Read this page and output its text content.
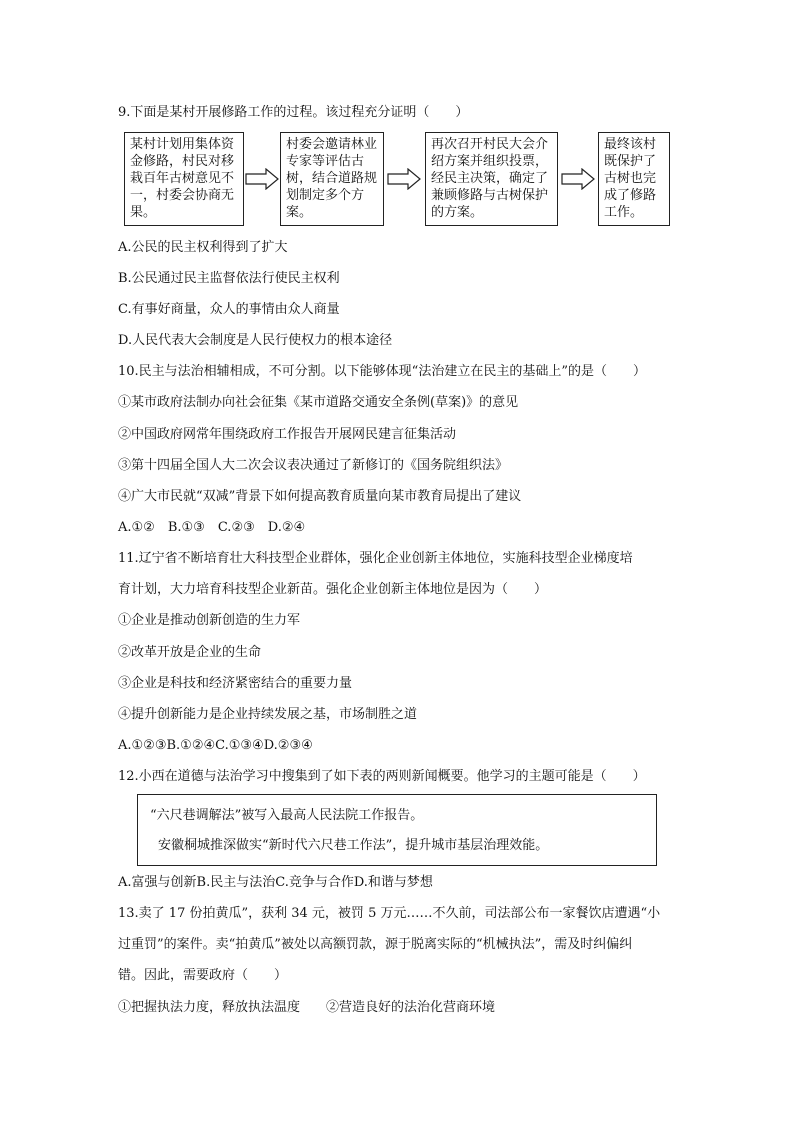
9.下面是某村开展修路工作的过程。该过程充分证明（　　）
某村计划用集体资金修路，村民对移栽百年古树意见不一，村委会协商无果。
村委会邀请林业专家等评估古树，结合道路规划制定多个方案。
再次召开村民大会介绍方案并组织投票，经民主决策，确定了兼顾修路与古树保护的方案。
最终该村既保护了古树也完成了修路工作。
A.公民的民主权利得到了扩大
B.公民通过民主监督依法行使民主权利
C.有事好商量，众人的事情由众人商量
D.人民代表大会制度是人民行使权力的根本途径
10.民主与法治相辅相成，不可分割。以下能够体现“法治建立在民主的基础上”的是（　　）
①某市政府法制办向社会征集《某市道路交通安全条例(草案)》的意见
②中国政府网常年围绕政府工作报告开展网民建言征集活动
③第十四届全国人大二次会议表决通过了新修订的《国务院组织法》
④广大市民就“双减”背景下如何提高教育质量向某市教育局提出了建议
A.①②　B.①③　C.②③　D.②④
11.辽宁省不断培育壮大科技型企业群体，强化企业创新主体地位，实施科技型企业梯度培
育计划，大力培育科技型企业新苗。强化企业创新主体地位是因为（　　）
①企业是推动创新创造的生力军
②改革开放是企业的生命
③企业是科技和经济紧密结合的重要力量
④提升创新能力是企业持续发展之基，市场制胜之道
A.①②③B.①②④C.①③④D.②③④
12.小西在道德与法治学习中搜集到了如下表的两则新闻概要。他学习的主题可能是（　　）
“六尺巷调解法”被写入最高人民法院工作报告。
安徽桐城推深做实“新时代六尺巷工作法”，提升城市基层治理效能。
A.富强与创新B.民主与法治C.竞争与合作D.和谐与梦想
13.卖了 17 份拍黄瓜”，获利 34 元，被罚 5 万元……不久前，司法部公布一家餐饮店遭遇“小
过重罚”的案件。卖“拍黄瓜”被处以高额罚款，源于脱离实际的“机械执法”，需及时纠偏纠
错。因此，需要政府（　　）
①把握执法力度，释放执法温度　　②营造良好的法治化营商环境
